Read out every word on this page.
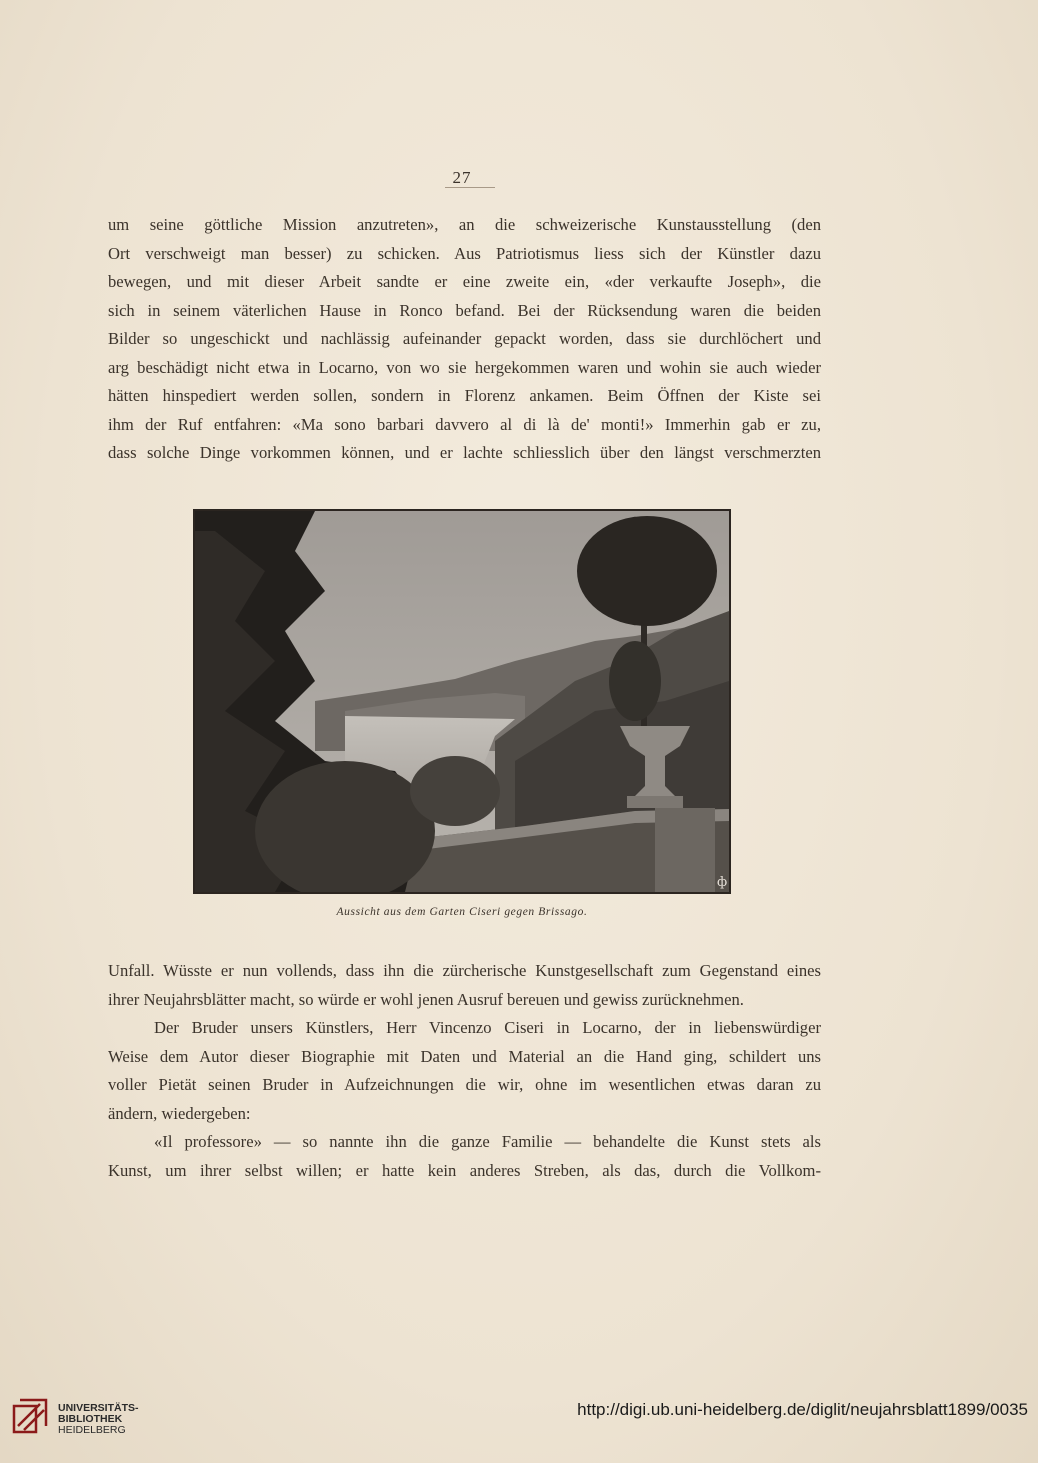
27
um seine göttliche Mission anzutreten», an die schweizerische Kunstausstellung (den
Ort verschweigt man besser) zu schicken. Aus Patriotismus liess sich der Künstler dazu
bewegen, und mit dieser Arbeit sandte er eine zweite ein, «der verkaufte Joseph», die
sich in seinem väterlichen Hause in Ronco befand. Bei der Rücksendung waren die beiden
Bilder so ungeschickt und nachlässig aufeinander gepackt worden, dass sie durchlöchert und
arg beschädigt nicht etwa in Locarno, von wo sie hergekommen waren und wohin sie auch wieder
hätten hinspediert werden sollen, sondern in Florenz ankamen. Beim Öffnen der Kiste sei
ihm der Ruf entfahren: «Ma sono barbari davvero al di là de' monti!» Immerhin gab er zu,
dass solche Dinge vorkommen können, und er lachte schliesslich über den längst verschmerzten
ф
Aussicht aus dem Garten Ciseri gegen Brissago.
Unfall. Wüsste er nun vollends, dass ihn die zürcherische Kunstgesellschaft zum Gegenstand eines
ihrer Neujahrsblätter macht, so würde er wohl jenen Ausruf bereuen und gewiss zurücknehmen.
Der Bruder unsers Künstlers, Herr Vincenzo Ciseri in Locarno, der in liebenswürdiger
Weise dem Autor dieser Biographie mit Daten und Material an die Hand ging, schildert uns
voller Pietät seinen Bruder in Aufzeichnungen die wir, ohne im wesentlichen etwas daran zu
ändern, wiedergeben:
«Il professore» — so nannte ihn die ganze Familie — behandelte die Kunst stets als
Kunst, um ihrer selbst willen; er hatte kein anderes Streben, als das, durch die Vollkom-
UNIVERSITÄTS-
BIBLIOTHEK
HEIDELBERG
http://digi.ub.uni-heidelberg.de/diglit/neujahrsblatt1899/0035
